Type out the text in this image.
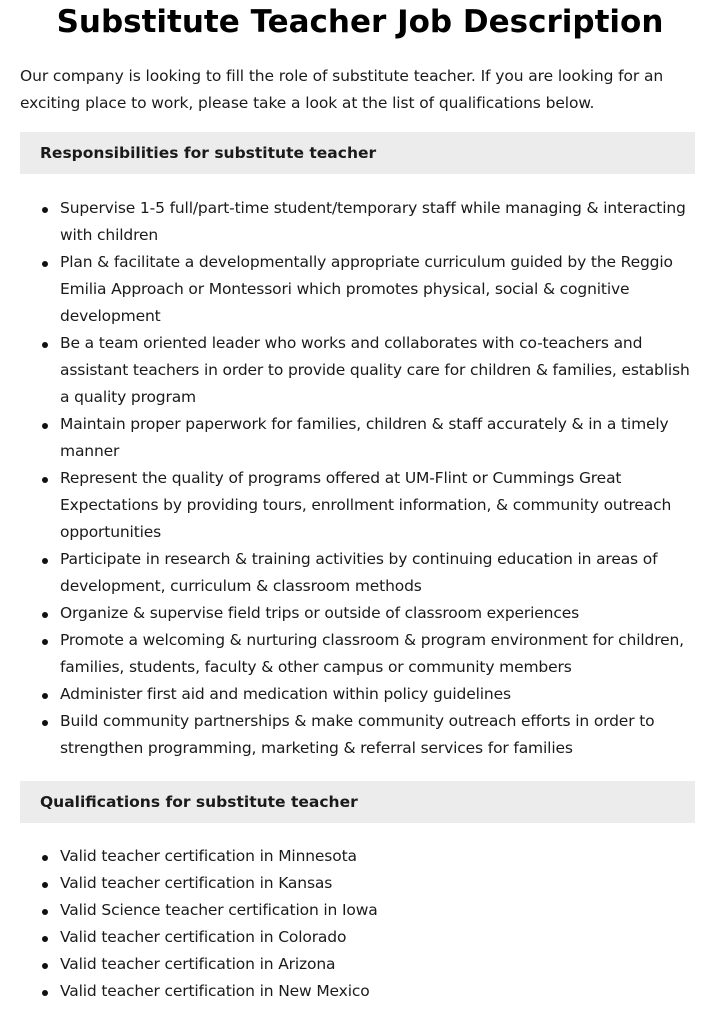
Substitute Teacher Job Description

Our company is looking to fill the role of substitute teacher. If you are looking for an exciting place to work, please take a look at the list of qualifications below.

Responsibilities for substitute teacher
Supervise 1-5 full/part-time student/temporary staff while managing & interacting with children
Plan & facilitate a developmentally appropriate curriculum guided by the Reggio Emilia Approach or Montessori which promotes physical, social & cognitive development
Be a team oriented leader who works and collaborates with co-teachers and assistant teachers in order to provide quality care for children & families, establish a quality program
Maintain proper paperwork for families, children & staff accurately & in a timely manner
Represent the quality of programs offered at UM-Flint or Cummings Great Expectations by providing tours, enrollment information, & community outreach opportunities
Participate in research & training activities by continuing education in areas of development, curriculum & classroom methods
Organize & supervise field trips or outside of classroom experiences
Promote a welcoming & nurturing classroom & program environment for children, families, students, faculty & other campus or community members
Administer first aid and medication within policy guidelines
Build community partnerships & make community outreach efforts in order to strengthen programming, marketing & referral services for families
Qualifications for substitute teacher
Valid teacher certification in Minnesota
Valid teacher certification in Kansas
Valid Science teacher certification in Iowa
Valid teacher certification in Colorado
Valid teacher certification in Arizona
Valid teacher certification in New Mexico
